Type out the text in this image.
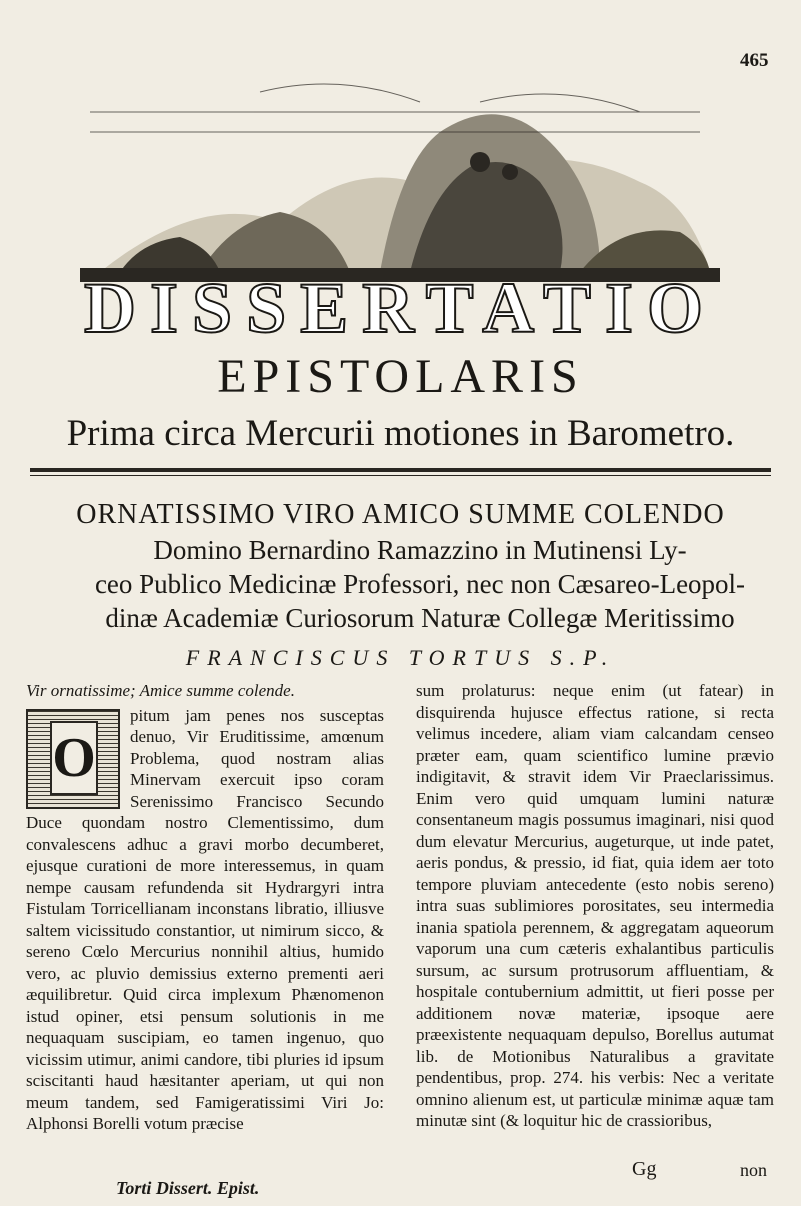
465
DISSERTATIO
EPISTOLARIS
Prima circa Mercurii motiones in Barometro.
ORNATISSIMO VIRO AMICO SUMME COLENDO
Domino Bernardino Ramazzino in Mutinensi Ly-
ceo Publico Medicinæ Professori, nec non Cæsareo-Leopol-
dinæ Academiæ Curiosorum Naturæ Collegæ Meritissimo
FRANCISCUS TORTUS S.P.

Vir ornatissime; Amice summe colende.

O

pitum jam penes nos susceptas denuo, Vir Eruditissime, amœnum Problema, quod nostram alias Minervam exercuit ipso coram Serenissimo Francisco Secundo Duce quondam nostro Clementissimo, dum convalescens adhuc a gravi morbo decumberet, ejusque curationi de more interessemus, in quam nempe causam refundenda sit Hydrargyri intra Fistulam Torricellianam inconstans libratio, illiusve saltem vicissitudo constantior, ut nimirum sicco, & sereno Cœlo Mercurius nonnihil altius, humido vero, ac pluvio demissius externo prementi aeri æquilibretur. Quid circa implexum Phænomenon istud opiner, etsi pensum solutionis in me nequaquam suscipiam, eo tamen ingenuo, quo vicissim utimur, animi candore, tibi pluries id ipsum sciscitanti haud hæsitanter aperiam, ut qui non meum tandem, sed Famigeratissimi Viri Jo: Alphonsi Borelli votum præcise

sum prolaturus: neque enim (ut fatear) in disquirenda hujusce effectus ratione, si recta velimus incedere, aliam viam calcandam censeo præter eam, quam scientifico lumine prævio indigitavit, & stravit idem Vir Praeclarissimus. Enim vero quid umquam lumini naturæ consentaneum magis possumus imaginari, nisi quod dum elevatur Mercurius, augeturque, ut inde patet, aeris pondus, & pressio, id fiat, quia idem aer toto tempore pluviam antecedente (esto nobis sereno) intra suas sublimiores porositates, seu intermedia inania spatiola perennem, & aggregatam aqueorum vaporum una cum cæteris exhalantibus particulis sursum, ac sursum protrusorum affluentiam, & hospitale contubernium admittit, ut fieri posse per additionem novæ materiæ, ipsoque aere præexistente nequaquam depulso, Borellus autumat lib. de Motionibus Naturalibus a gravitate pendentibus, prop. 274. his verbis: Nec a veritate omnino alienum est, ut particulæ minimæ aquæ tam minutæ sint (& loquitur hic de crassioribus,

Torti Dissert. Epist.
Gg	non
